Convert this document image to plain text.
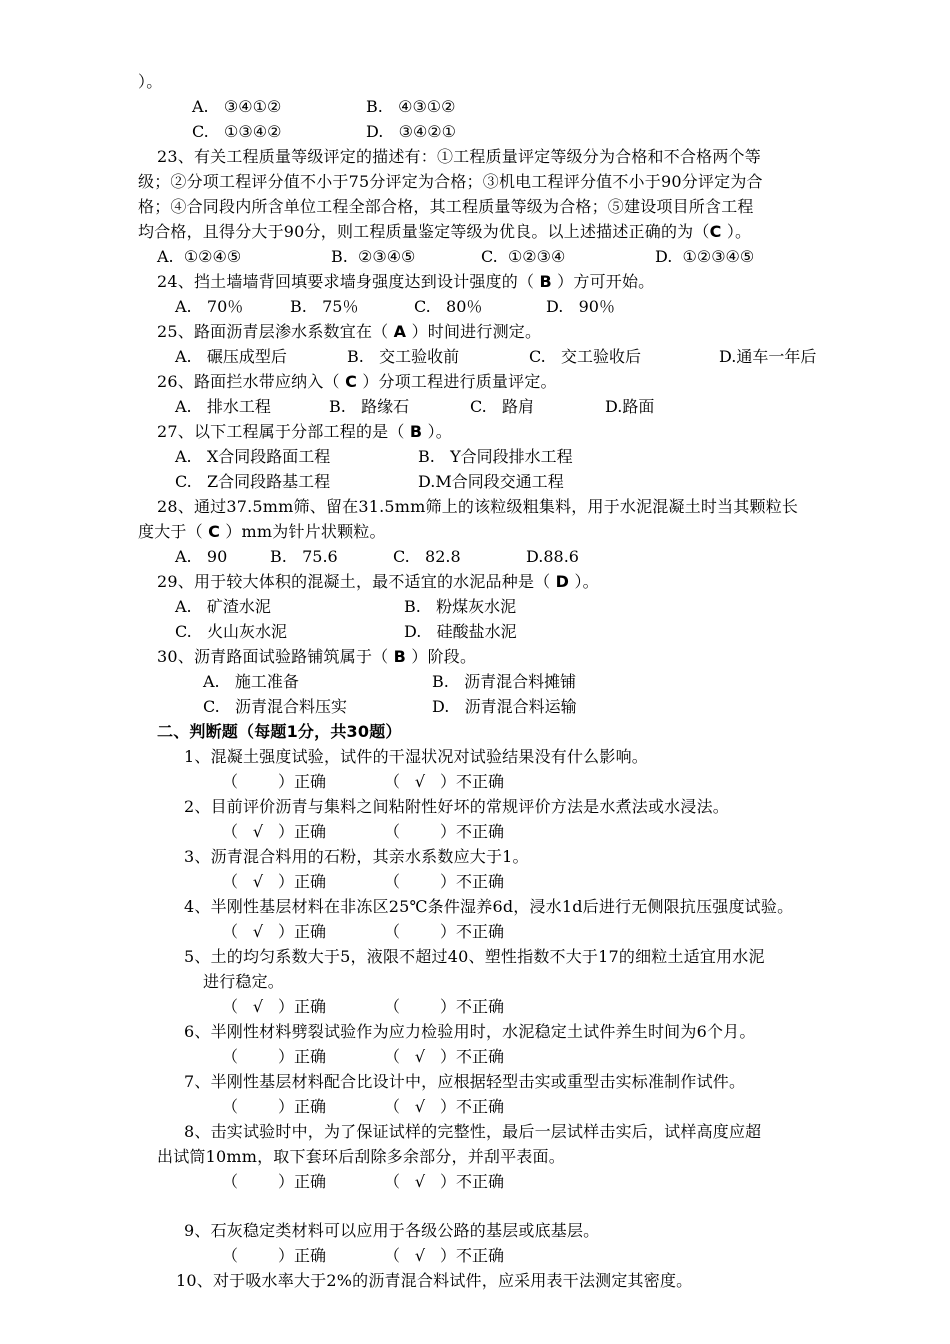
）。
A. ③④①②	B. ④③①②
C. ①③④②	D. ③④②①
23、有关工程质量等级评定的描述有：①工程质量评定等级分为合格和不合格两个等
级；②分项工程评分值不小于75分评定为合格；③机电工程评分值不小于90分评定为合
格；④合同段内所含单位工程全部合格，其工程质量等级为合格；⑤建设项目所含工程
均合格，且得分大于90分，则工程质量鉴定等级为优良。以上述描述正确的为（C ）。
A. ①②④⑤	B. ②③④⑤	C. ①②③④	D. ①②③④⑤
24、挡土墙墙背回填要求墙身强度达到设计强度的（ B ）方可开始。
A. 70％	B. 75％	C. 80％	D. 90％
25、路面沥青层渗水系数宜在（ A ）时间进行测定。
A. 碾压成型后	B. 交工验收前	C. 交工验收后	D.通车一年后
26、路面拦水带应纳入（ C ）分项工程进行质量评定。
A. 排水工程	B. 路缘石	C. 路肩	D.路面
27、以下工程属于分部工程的是（ B ）。
A. X合同段路面工程	B. Y合同段排水工程
C. Z合同段路基工程	D.M合同段交通工程
28、通过37.5mm筛、留在31.5mm筛上的该粒级粗集料，用于水泥混凝土时当其颗粒长
度大于（ C ）mm为针片状颗粒。
A. 90	B. 75.6	C. 82.8	D.88.6
29、用于较大体积的混凝土，最不适宜的水泥品种是（ D ）。
A. 矿渣水泥	B. 粉煤灰水泥
C. 火山灰水泥	D. 硅酸盐水泥
30、沥青路面试验路铺筑属于（ B ）阶段。
A. 施工准备	B. 沥青混合料摊铺
C. 沥青混合料压实	D. 沥青混合料运输
二、判断题（每题1分，共30题）
1、混凝土强度试验，试件的干湿状况对试验结果没有什么影响。
（	）正确	（ √ ）不正确
2、目前评价沥青与集料之间粘附性好坏的常规评价方法是水煮法或水浸法。
（ √ ）正确	（	）不正确
3、沥青混合料用的石粉，其亲水系数应大于1。
（ √ ）正确	（	）不正确
4、半刚性基层材料在非冻区25℃条件湿养6d，浸水1d后进行无侧限抗压强度试验。
（ √ ）正确	（	）不正确
5、土的均匀系数大于5，液限不超过40、塑性指数不大于17的细粒土适宜用水泥
进行稳定。
（ √ ）正确	（	）不正确
6、半刚性材料劈裂试验作为应力检验用时，水泥稳定土试件养生时间为6个月。
（	）正确	（ √ ）不正确
7、半刚性基层材料配合比设计中，应根据轻型击实或重型击实标准制作试件。
（	）正确	（ √ ）不正确
8、击实试验时中，为了保证试样的完整性，最后一层试样击实后，试样高度应超
出试筒10mm，取下套环后刮除多余部分，并刮平表面。
（	）正确	（ √ ）不正确
9、石灰稳定类材料可以应用于各级公路的基层或底基层。
（	）正确	（ √ ）不正确
10、对于吸水率大于2%的沥青混合料试件，应采用表干法测定其密度。
